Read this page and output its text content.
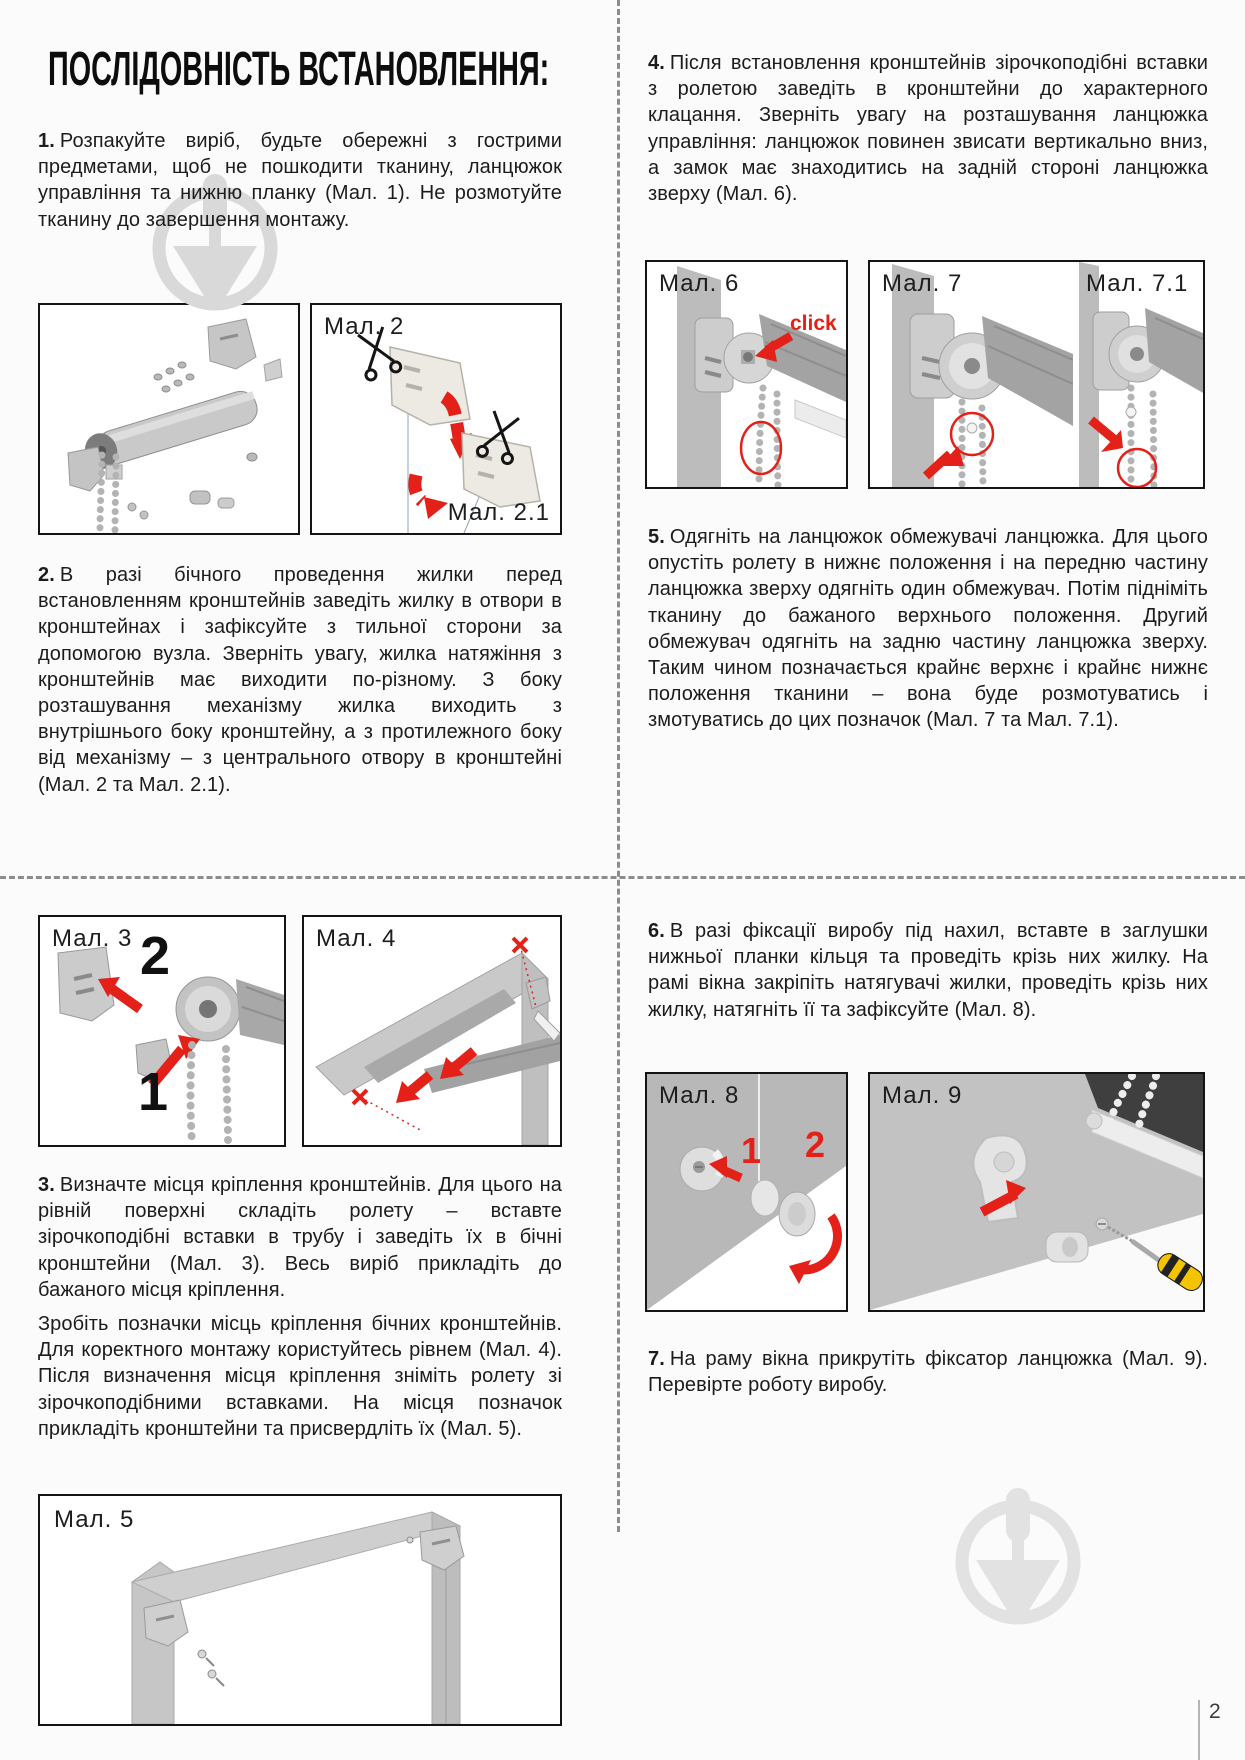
ПОСЛІДОВНІСТЬ ВСТАНОВЛЕННЯ:

1. Розпакуйте виріб, будьте обережні з гострими предметами, щоб не пошкодити тканину, ланцюжок управління та нижню планку (Мал. 1). Не розмотуйте тканину до завершення монтажу.

Мал. 2
Мал. 2.1

2. В разі бічного проведення жилки перед встановленням кронштейнів заведіть жилку в отвори в кронштейнах і зафіксуйте з тильної сторони за допомогою вузла. Зверніть увагу, жилка натяжіння з кронштейнів має виходити по-різному. З боку розташування механізму жилка виходить з внутрішнього боку кронштейну, а з протилежного боку від механізму – з центрального отвору в кронштейні (Мал. 2 та Мал. 2.1).

Мал. 3 2
1
Мал. 4

3. Визначте місця кріплення кронштейнів. Для цього на рівній поверхні складіть ролету – вставте зірочкоподібні вставки в трубу і заведіть їх в бічні кронштейни (Мал. 3). Весь виріб прикладіть до бажаного місця кріплення.

Зробіть позначки місць кріплення бічних кронштейнів. Для коректного монтажу користуйтесь рівнем (Мал. 4). Після визначення місця кріплення зніміть ролету зі зірочкоподібними вставками. На місця позначок прикладіть кронштейни та присвердліть їх (Мал. 5).

Мал. 5

4. Після встановлення кронштейнів зірочкоподібні вставки з ролетою заведіть в кронштейни до характерного клацання. Зверніть увагу на розташування ланцюжка управління: ланцюжок повинен звисати вертикально вниз, а замок має знаходитись на задній стороні ланцюжка зверху (Мал. 6).

Мал. 6
click
Мал. 7	Мал. 7.1

5. Одягніть на ланцюжок обмежувачі ланцюжка. Для цього опустіть ролету в нижнє положення і на передню частину ланцюжка зверху одягніть один обмежувач. Потім підніміть тканину до бажаного верхнього положення. Другий обмежувач одягніть на задню частину ланцюжка зверху. Таким чином позначається крайнє верхнє і крайнє нижнє положення тканини – вона буде розмотуватись і змотуватись до цих позначок (Мал. 7 та Мал. 7.1).

6. В разі фіксації виробу під нахил, вставте в заглушки нижньої планки кільця та проведіть крізь них жилку. На рамі вікна закріпіть натягувачі жилки, проведіть крізь них жилку, натягніть її та зафіксуйте (Мал. 8).

Мал. 8
1 2
Мал. 9

7. На раму вікна прикрутіть фіксатор ланцюжка (Мал. 9). Перевірте роботу виробу.

2
